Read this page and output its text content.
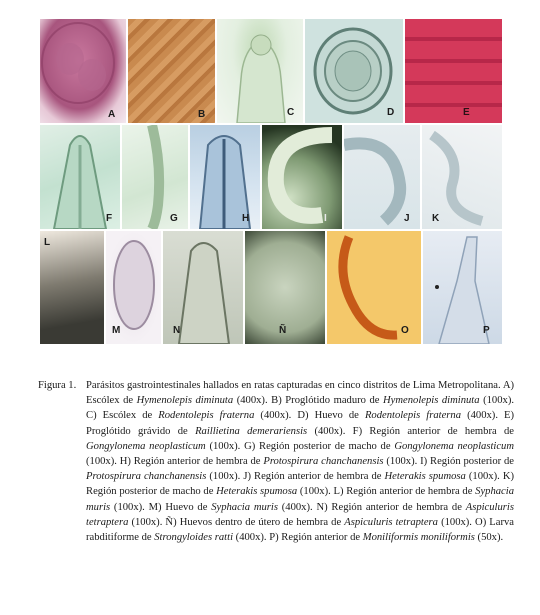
A	B	C	D	E
F	G	H	I	J K
L
M	N	Ñ	O	P
Figura 1. Parásitos gastrointestinales hallados en ratas capturadas en cinco distritos de Lima Metropolitana. A) Escólex de Hymenolepis diminuta (400x). B) Proglótido maduro de Hymenolepis diminuta (100x). C) Escólex de Rodentolepis fraterna (400x). D) Huevo de Rodentolepis fraterna (400x). E) Proglótido grávido de Raillietina demerariensis (400x). F) Región anterior de hembra de Gongylonema neoplasticum (100x). G) Región posterior de macho de Gongylonema neoplasticum (100x). H) Región anterior de hembra de Protospirura chanchanensis (100x). I) Región posterior de Protospirura chanchanensis (100x). J) Región anterior de hembra de Heterakis spumosa (100x). K) Región posterior de macho de Heterakis spumosa (100x). L) Región anterior de hembra de Syphacia muris (100x). M) Huevo de Syphacia muris (400x). N) Región anterior de hembra de Aspiculuris tetraptera (100x). Ñ) Huevos dentro de útero de hembra de Aspiculuris tetraptera (100x). O) Larva rabditiforme de Strongyloides ratti (400x). P) Región anterior de Moniliformis moniliformis (50x).
